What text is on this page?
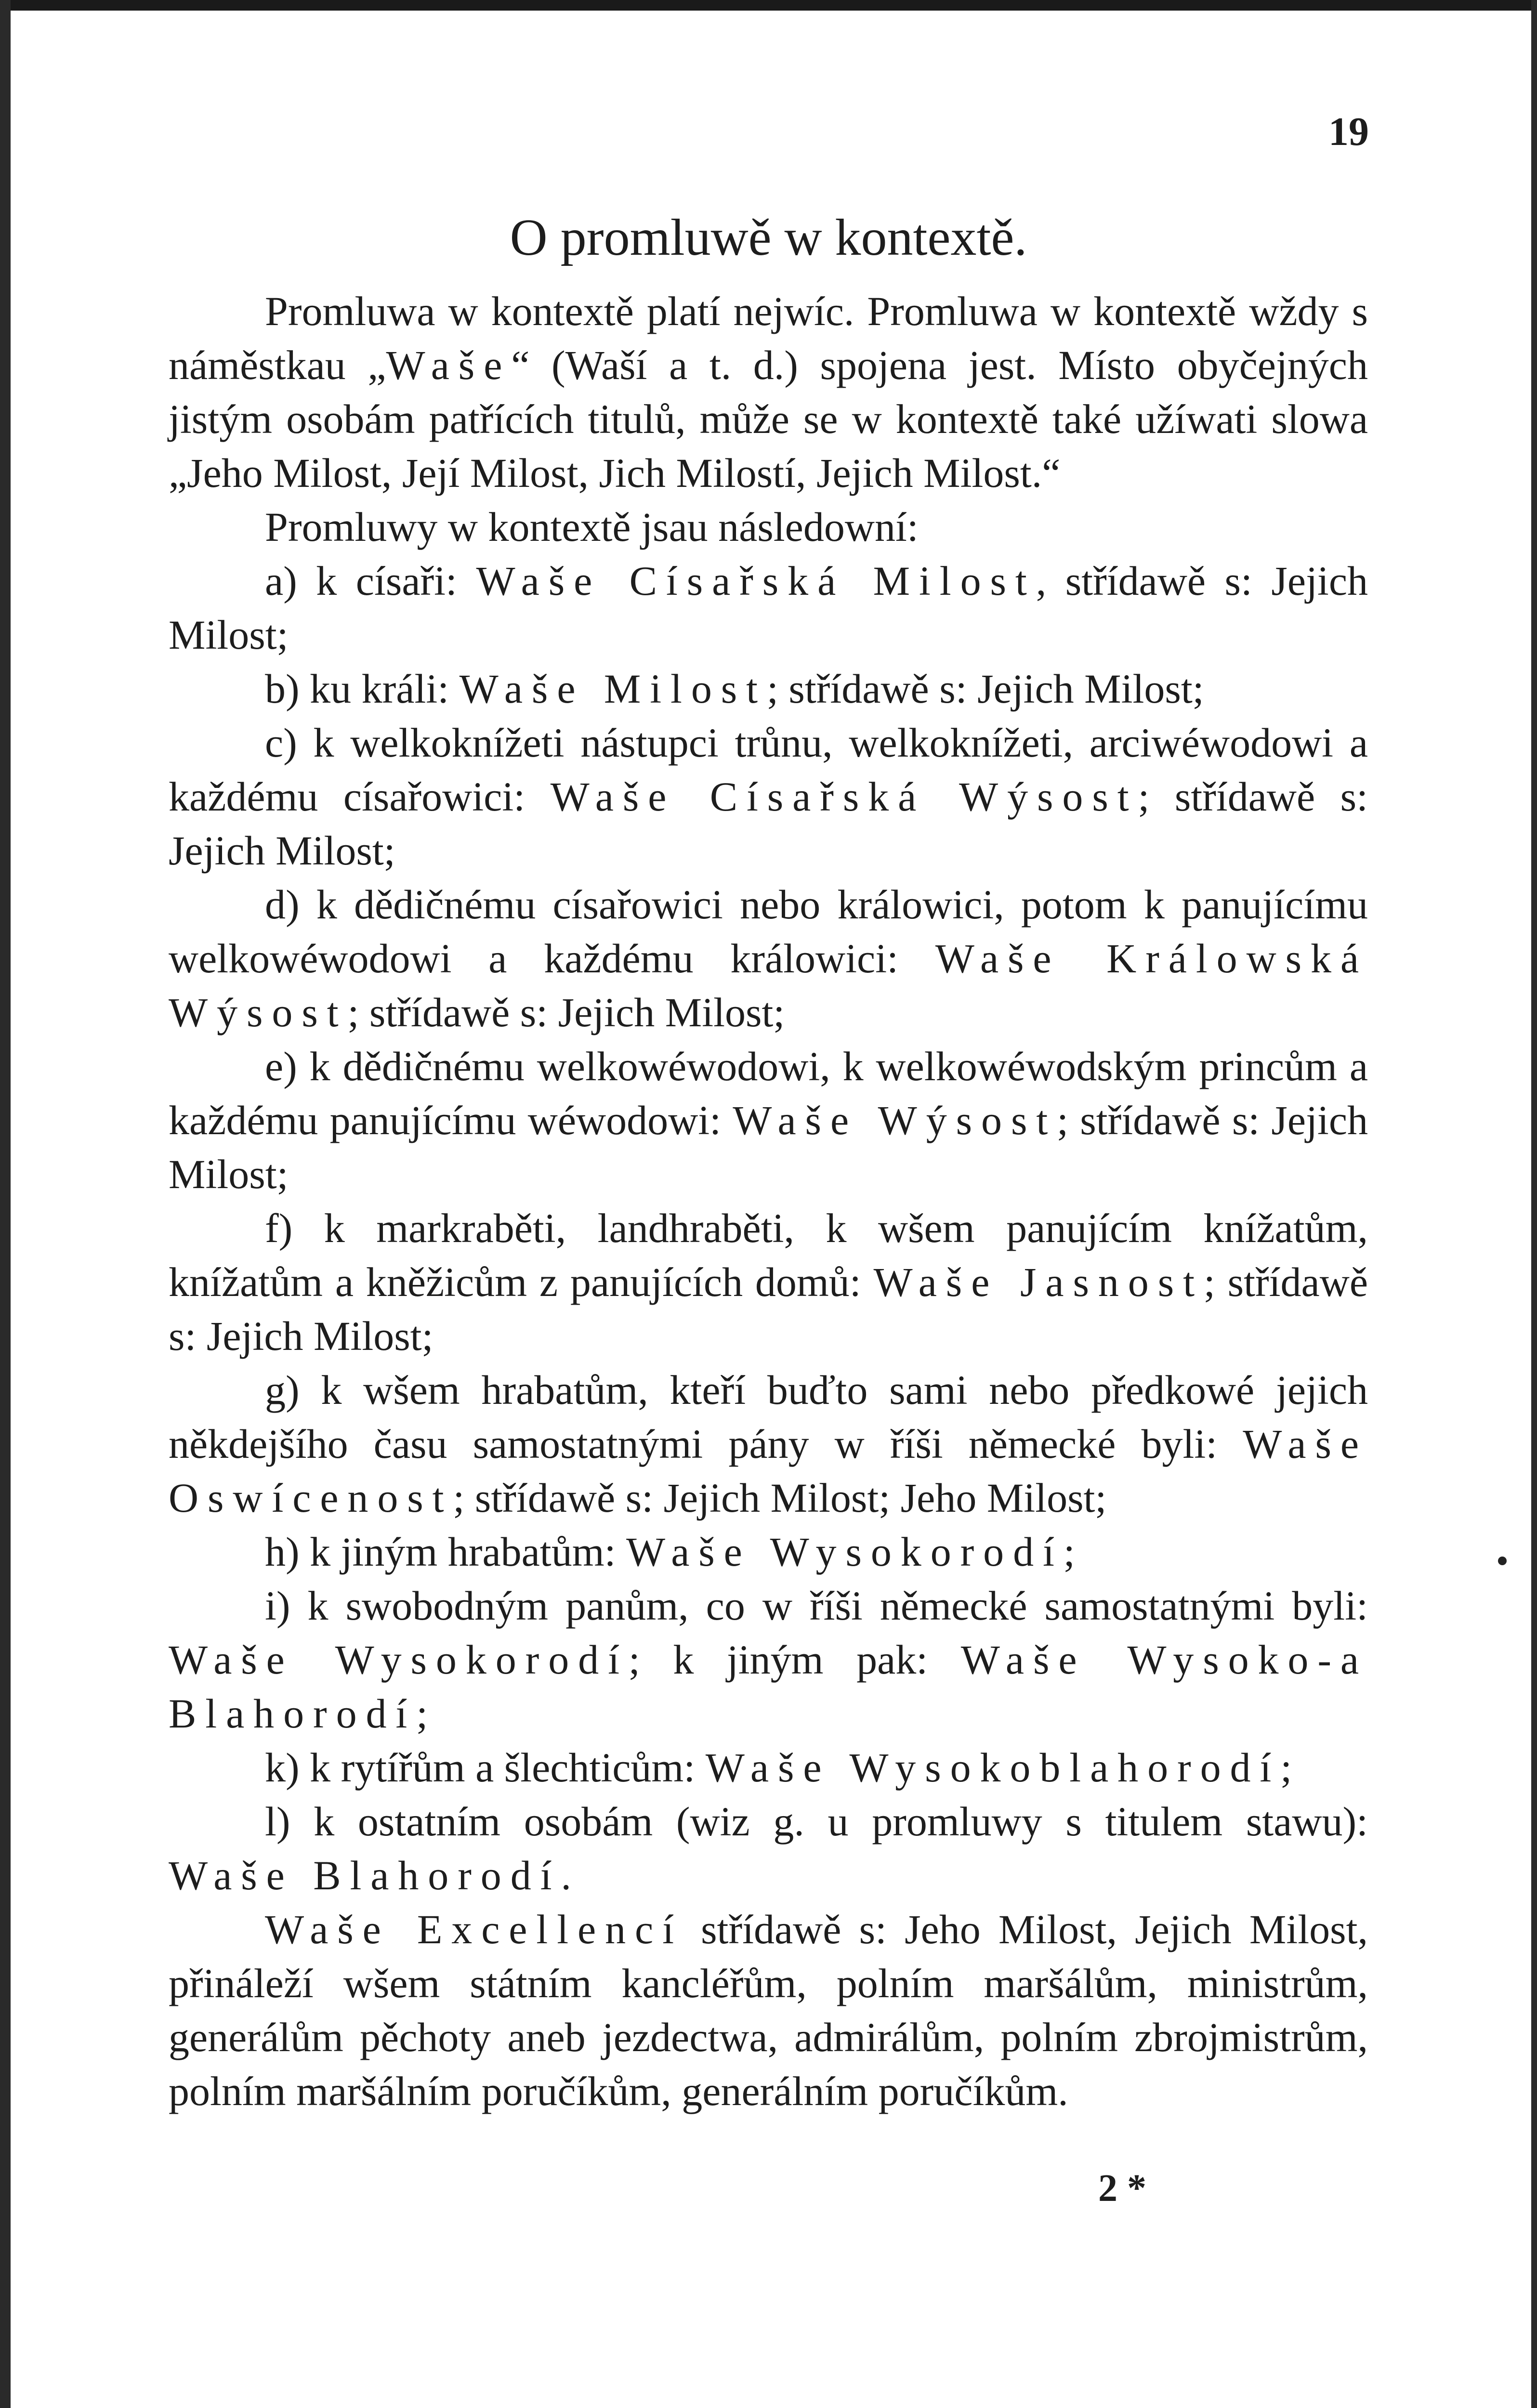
19
O promluwě w kontextě.

Promluwa w kontextě platí nejwíc. Promluwa w kontextě wždy s náměstkau „Waše“ (Waší a t. d.) spojena jest. Místo obyčejných jistým osobám patřících titulů, může se w kontextě také užíwati slowa „Jeho Milost, Její Milost, Jich Milostí, Jejich Milost.“

Promluwy w kontextě jsau následowní:

a) k císaři: Waše Císařská Milost, střídawě s: Jejich Milost;

b) ku králi: Waše Milost; střídawě s: Jejich Milost;

c) k welkoknížeti nástupci trůnu, welkoknížeti, arciwéwodowi a každému císařowici: Waše Císařská Wýsost; střídawě s: Jejich Milost;

d) k dědičnému císařowici nebo králowici, potom k panujícímu welkowéwodowi a každému králowici: Waše Králowská Wýsost; střídawě s: Jejich Milost;

e) k dědičnému welkowéwodowi, k welkowéwodským princům a každému panujícímu wéwodowi: Waše Wýsost; střídawě s: Jejich Milost;

f) k markraběti, landhraběti, k wšem panujícím knížatům, knížatům a kněžicům z panujících domů: Waše Jasnost; střídawě s: Jejich Milost;

g) k wšem hrabatům, kteří buďto sami nebo předkowé jejich někdejšího času samostatnými pány w říši německé byli: Waše Oswícenost; střídawě s: Jejich Milost; Jeho Milost;

h) k jiným hrabatům: Waše Wysokorodí;

i) k swobodným panům, co w říši německé samostatnými byli: Waše Wysokorodí; k jiným pak: Waše Wysoko-a Blahorodí;

k) k rytířům a šlechticům: Waše Wysokoblahorodí;

l) k ostatním osobám (wiz g. u promluwy s titulem stawu): Waše Blahorodí.

Waše Excellencí střídawě s: Jeho Milost, Jejich Milost, přináleží wšem státním kancléřům, polním maršálům, ministrům, generálům pěchoty aneb jezdectwa, admirálům, polním zbrojmistrům, polním maršálním poručíkům, generálním poručíkům.

2 *
